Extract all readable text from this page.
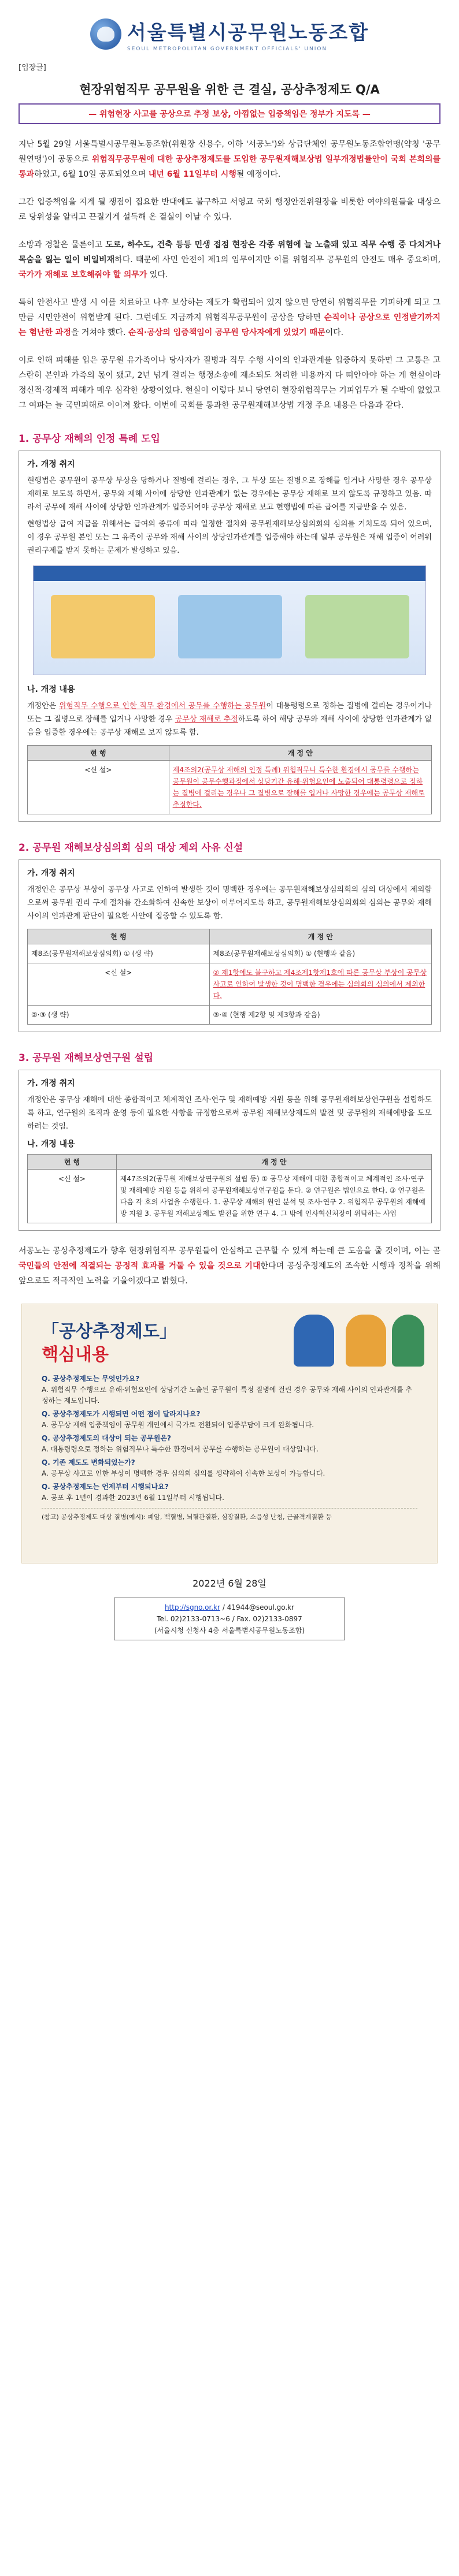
서울특별시공무원노동조합
SEOUL METROPOLITAN GOVERNMENT OFFICIALS' UNION
[입장글]
현장위험직무 공무원을 위한 큰 결실, 공상추정제도 Q/A
— 위험현장 사고를 공상으로 추정 보상, 아낌없는 입증책임은 정부가 지도록 —

지난 5월 29일 서울특별시공무원노동조합(위원장 신용수, 이하 '서공노')와 상급단체인 공무원노동조합연맹(약칭 '공무원연맹')이 공동으로 위험직무공무원에 대한 공상추정제도를 도입한 공무원재해보상법 일부개정법률안이 국회 본회의를 통과하였고, 6월 10일 공포되었으며 내년 6월 11일부터 시행될 예정이다.

그간 입증책임을 지게 될 쟁점이 집요한 반대에도 불구하고 서영교 국회 행정안전위원장을 비롯한 여야의원들을 대상으로 당위성을 알리고 끈질기게 설득해 온 결실이 이날 수 있다.

소방과 경찰은 물론이고 도로, 하수도, 건축 등등 민생 접점 현장은 각종 위험에 늘 노출돼 있고 직무 수행 중 다치거나 목숨을 잃는 일이 비일비재하다. 때문에 사민 안전이 제1의 임무이지만 이를 위험직무 공무원의 안전도 매우 중요하며, 국가가 재해로 보호해줘야 할 의무가 있다.

특히 안전사고 발생 시 이를 치료하고 나후 보상하는 제도가 확립되어 있지 않으면 당연히 위험직무를 기피하게 되고 그만큼 시민안전이 위협받게 된다. 그런데도 지금까지 위험직무공무원이 공상을 당하면 순직이나 공상으로 인정받기까지는 험난한 과정을 거쳐야 했다. 순직·공상의 입증책임이 공무원 당사자에게 있었기 때문이다.

이로 인해 피해를 입은 공무원 유가족이나 당사자가 질병과 직무 수행 사이의 인과관계를 입증하지 못하면 그 고통은 고스란히 본인과 가족의 몫이 됐고, 2년 넘게 걸리는 행정소송에 재소되도 처리한 비용까지 다 떠안아야 하는 게 현실이라 정신적·경제적 피해가 매우 심각한 상황이었다. 현실이 이렇다 보니 당연히 현장위험직무는 기피업무가 될 수밖에 없었고 그 여파는 늘 국민피해로 이어져 왔다. 이번에 국회를 통과한 공무원재해보상법 개정 주요 내용은 다음과 같다.

1. 공무상 재해의 인정 특례 도입
가. 개정 취지

현행법은 공무원이 공무상 부상을 당하거나 질병에 걸리는 경우, 그 부상 또는 질병으로 장해를 입거나 사망한 경우 공무상 재해로 보도록 하면서, 공무와 재해 사이에 상당한 인과관계가 없는 경우에는 공무상 재해로 보지 않도록 규정하고 있음. 따라서 공무에 재해 사이에 상당한 인과관계가 입증되어야 공무상 재해로 보고 현행법에 따른 급여를 지급받을 수 있음.

현행법상 급여 지급을 위해서는 급여의 종류에 따라 일정한 절차와 공무원재해보상심의회의 심의를 거치도록 되어 있으며, 이 경우 공무원 본인 또는 그 유족이 공무와 재해 사이의 상당인과관계를 입증해야 하는데 일부 공무원은 재해 입증이 어려워 권리구제를 받지 못하는 문제가 발생하고 있음.

나. 개정 내용

개정안은 위험직무 수행으로 인한 직무 환경에서 공무를 수행하는 공무원이 대통령령으로 정하는 질병에 걸리는 경우이거나 또는 그 질병으로 장해를 입거나 사망한 경우 공무상 재해로 추정하도록 하여 해당 공무와 재해 사이에 상당한 인과관계가 없음을 입증한 경우에는 공무상 재해로 보지 않도록 함.

현 행	개 정 안
<신 설>	제4조의2(공무상 재해의 인정 특례) 위험직무나 특수한 환경에서 공무를 수행하는 공무원이 공무수행과정에서 상당기간 유해·위험요인에 노출되어 대통령령으로 정하는 질병에 걸리는 경우나 그 질병으로 장해를 입거나 사망한 경우에는 공무상 재해로 추정한다.
2. 공무원 재해보상심의회 심의 대상 제외 사유 신설
가. 개정 취지

개정안은 공무상 부상이 공무상 사고로 인하여 발생한 것이 명백한 경우에는 공무원재해보상심의회의 심의 대상에서 제외함으로써 공무원 권리 구제 절차를 간소화하여 신속한 보상이 이루어지도록 하고, 공무원재해보상심의회의 심의는 공무와 재해 사이의 인과관계 판단이 필요한 사안에 집중할 수 있도록 함.

현 행	개 정 안
제8조(공무원재해보상심의회) ① (생 략)	제8조(공무원재해보상심의회) ① (현행과 같음)
<신 설>	② 제1항에도 불구하고 제4조제1항제1호에 따른 공무상 부상이 공무상 사고로 인하여 발생한 것이 명백한 경우에는 심의회의 심의에서 제외한다.
②·③ (생 략)	③·④ (현행 제2항 및 제3항과 같음)
3. 공무원 재해보상연구원 설립
가. 개정 취지

개정안은 공무상 재해에 대한 종합적이고 체계적인 조사·연구 및 재해예방 지원 등을 위해 공무원재해보상연구원을 설립하도록 하고, 연구원의 조직과 운영 등에 필요한 사항을 규정함으로써 공무원 재해보상제도의 발전 및 공무원의 재해예방을 도모하려는 것임.

나. 개정 내용
현 행	개 정 안
<신 설>	제47조의2(공무원 재해보상연구원의 설립 등) ① 공무상 재해에 대한 종합적이고 체계적인 조사·연구 및 재해예방 지원 등을 위하여 공무원재해보상연구원을 둔다. ② 연구원은 법인으로 한다. ③ 연구원은 다음 각 호의 사업을 수행한다. 1. 공무상 재해의 원인 분석 및 조사·연구 2. 위험직무 공무원의 재해예방 지원 3. 공무원 재해보상제도 발전을 위한 연구 4. 그 밖에 인사혁신처장이 위탁하는 사업

서공노는 공상추정제도가 향후 현장위험직무 공무원들이 안심하고 근무할 수 있게 하는데 큰 도움을 줄 것이며, 이는 곧 국민들의 안전에 직결되는 공정적 효과를 거둘 수 있을 것으로 기대한다며 공상추정제도의 조속한 시행과 정착을 위해 앞으로도 적극적인 노력을 기울이겠다고 밝혔다.

「공상추정제도」
핵심내용
Q. 공상추정제도는 무엇인가요?
A. 위험직무 수행으로 유해·위험요인에 상당기간 노출된 공무원이 특정 질병에 걸린 경우 공무와 재해 사이의 인과관계를 추정하는 제도입니다.
Q. 공상추정제도가 시행되면 어떤 점이 달라지나요?
A. 공무상 재해 입증책임이 공무원 개인에서 국가로 전환되어 입증부담이 크게 완화됩니다.
Q. 공상추정제도의 대상이 되는 공무원은?
A. 대통령령으로 정하는 위험직무나 특수한 환경에서 공무를 수행하는 공무원이 대상입니다.
Q. 기존 제도도 변화되었는가?
A. 공무상 사고로 인한 부상이 명백한 경우 심의회 심의를 생략하여 신속한 보상이 가능합니다.
Q. 공상추정제도는 언제부터 시행되나요?
A. 공포 후 1년이 경과한 2023년 6월 11일부터 시행됩니다.
(참고) 공상추정제도 대상 질병(예시): 폐암, 백혈병, 뇌혈관질환, 심장질환, 소음성 난청, 근골격계질환 등
2022년 6월 28일
http://sgno.or.kr / 41944@seoul.go.kr
Tel. 02)2133-0713~6 / Fax. 02)2133-0897
(서울시청 신청사 4층 서울특별시공무원노동조합)
